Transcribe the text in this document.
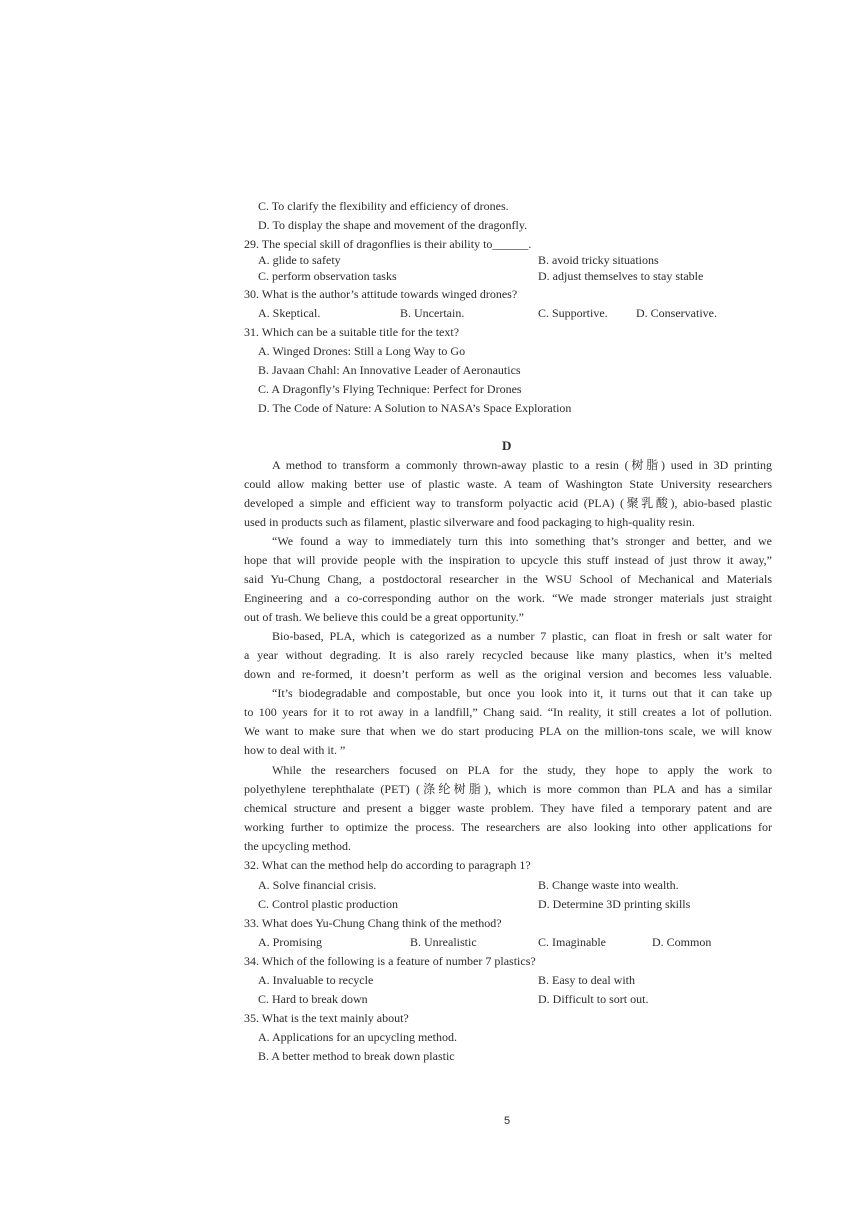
C. To clarify the flexibility and efficiency of drones.
D. To display the shape and movement of the dragonfly.
29. The special skill of dragonflies is their ability to______.
A. glide to safety	B. avoid tricky situations
C. perform observation tasks	D. adjust themselves to stay stable
30. What is the author’s attitude towards winged drones?
A. Skeptical.	B. Uncertain.	C. Supportive. D. Conservative.
31. Which can be a suitable title for the text?
A. Winged Drones: Still a Long Way to Go
B. Javaan Chahl: An Innovative Leader of Aeronautics
C. A Dragonfly’s Flying Technique: Perfect for Drones
D. The Code of Nature: A Solution to NASA’s Space Exploration
D
A method to transform a commonly thrown-away plastic to a resin (树脂) used in 3D printing
could allow making better use of plastic waste. A team of Washington State University researchers
developed a simple and efficient way to transform polyactic acid (PLA) (聚乳酸), abio-based plastic
used in products such as filament, plastic silverware and food packaging to high-quality resin.
“We found a way to immediately turn this into something that’s stronger and better, and we
hope that will provide people with the inspiration to upcycle this stuff instead of just throw it away,”
said Yu-Chung Chang, a postdoctoral researcher in the WSU School of Mechanical and Materials
Engineering and a co-corresponding author on the work. “We made stronger materials just straight
out of trash. We believe this could be a great opportunity.”
Bio-based, PLA, which is categorized as a number 7 plastic, can float in fresh or salt water for
a year without degrading. It is also rarely recycled because like many plastics, when it’s melted
down and re-formed, it doesn’t perform as well as the original version and becomes less valuable.
“It’s biodegradable and compostable, but once you look into it, it turns out that it can take up
to 100 years for it to rot away in a landfill,” Chang said. “In reality, it still creates a lot of pollution.
We want to make sure that when we do start producing PLA on the million-tons scale, we will know
how to deal with it. ”
While the researchers focused on PLA for the study, they hope to apply the work to
polyethylene terephthalate (PET) (涤纶树脂), which is more common than PLA and has a similar
chemical structure and present a bigger waste problem. They have filed a temporary patent and are
working further to optimize the process. The researchers are also looking into other applications for
the upcycling method.
32. What can the method help do according to paragraph 1?
A. Solve financial crisis.	B. Change waste into wealth.
C. Control plastic production	D. Determine 3D printing skills
33. What does Yu-Chung Chang think of the method?
A. Promising	B. Unrealistic	C. Imaginable	D. Common
34. Which of the following is a feature of number 7 plastics?
A. Invaluable to recycle	B. Easy to deal with
C. Hard to break down	D. Difficult to sort out.
35. What is the text mainly about?
A. Applications for an upcycling method.
B. A better method to break down plastic
5
